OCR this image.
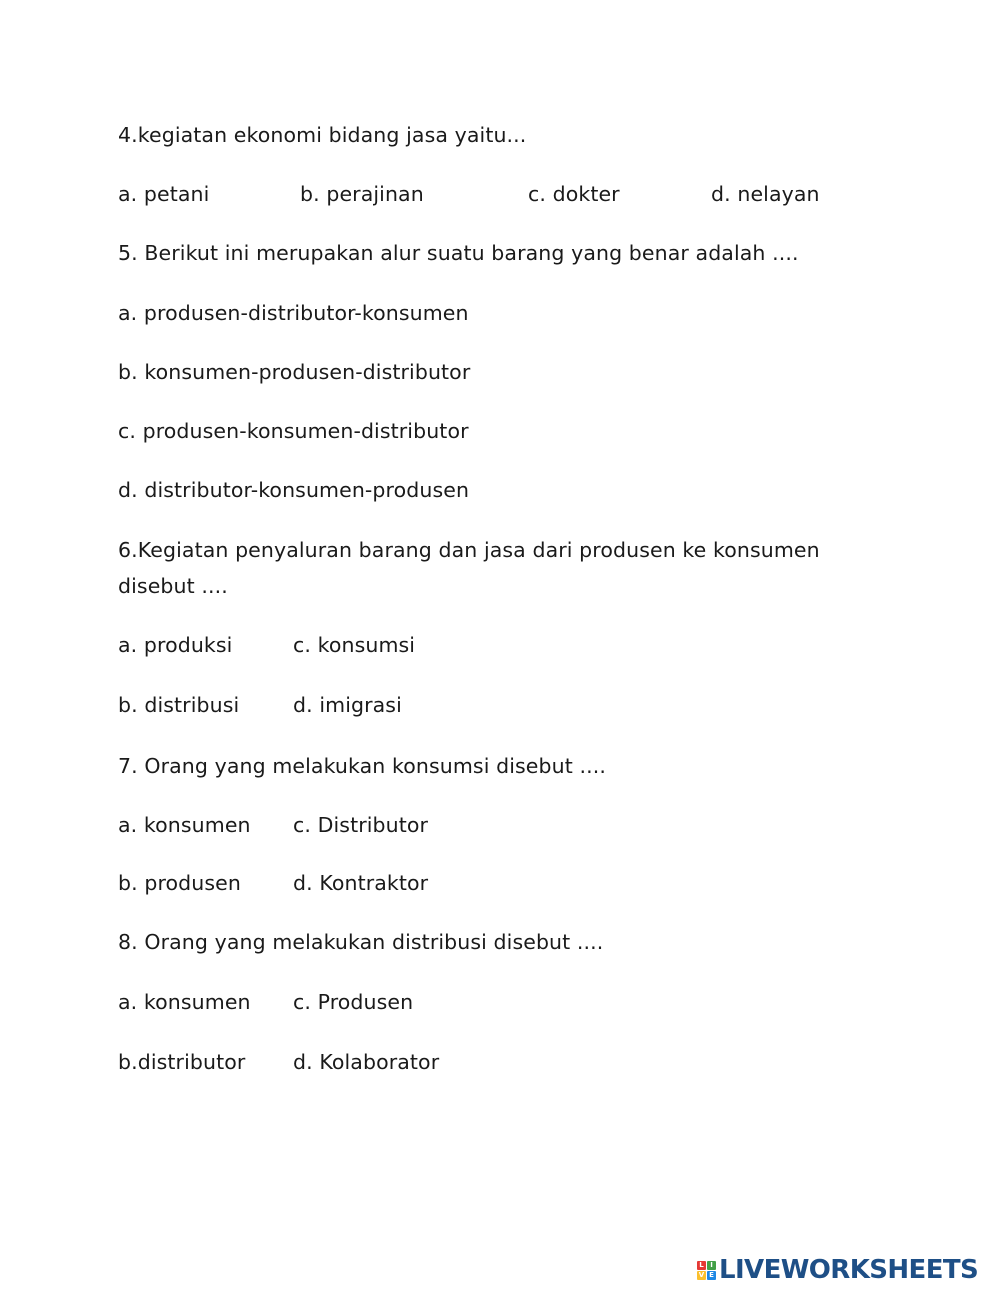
4.kegiatan ekonomi bidang jasa yaitu...
a. petani	b. perajinan	c. dokter	d. nelayan
5. Berikut ini merupakan alur suatu barang yang benar adalah ....
a. produsen-distributor-konsumen
b. konsumen-produsen-distributor
c. produsen-konsumen-distributor
d. distributor-konsumen-produsen
6.Kegiatan penyaluran barang dan jasa dari produsen ke konsumen
disebut ....
a. produksi	c. konsumsi
b. distribusi	d. imigrasi
7. Orang yang melakukan konsumsi disebut ....
a. konsumen c. Distributor
b. produsen	d. Kontraktor
8. Orang yang melakukan distribusi disebut ....
a. konsumen c. Produsen
b.distributor d. Kolaborator
L I
V E LIVEWORKSHEETS
